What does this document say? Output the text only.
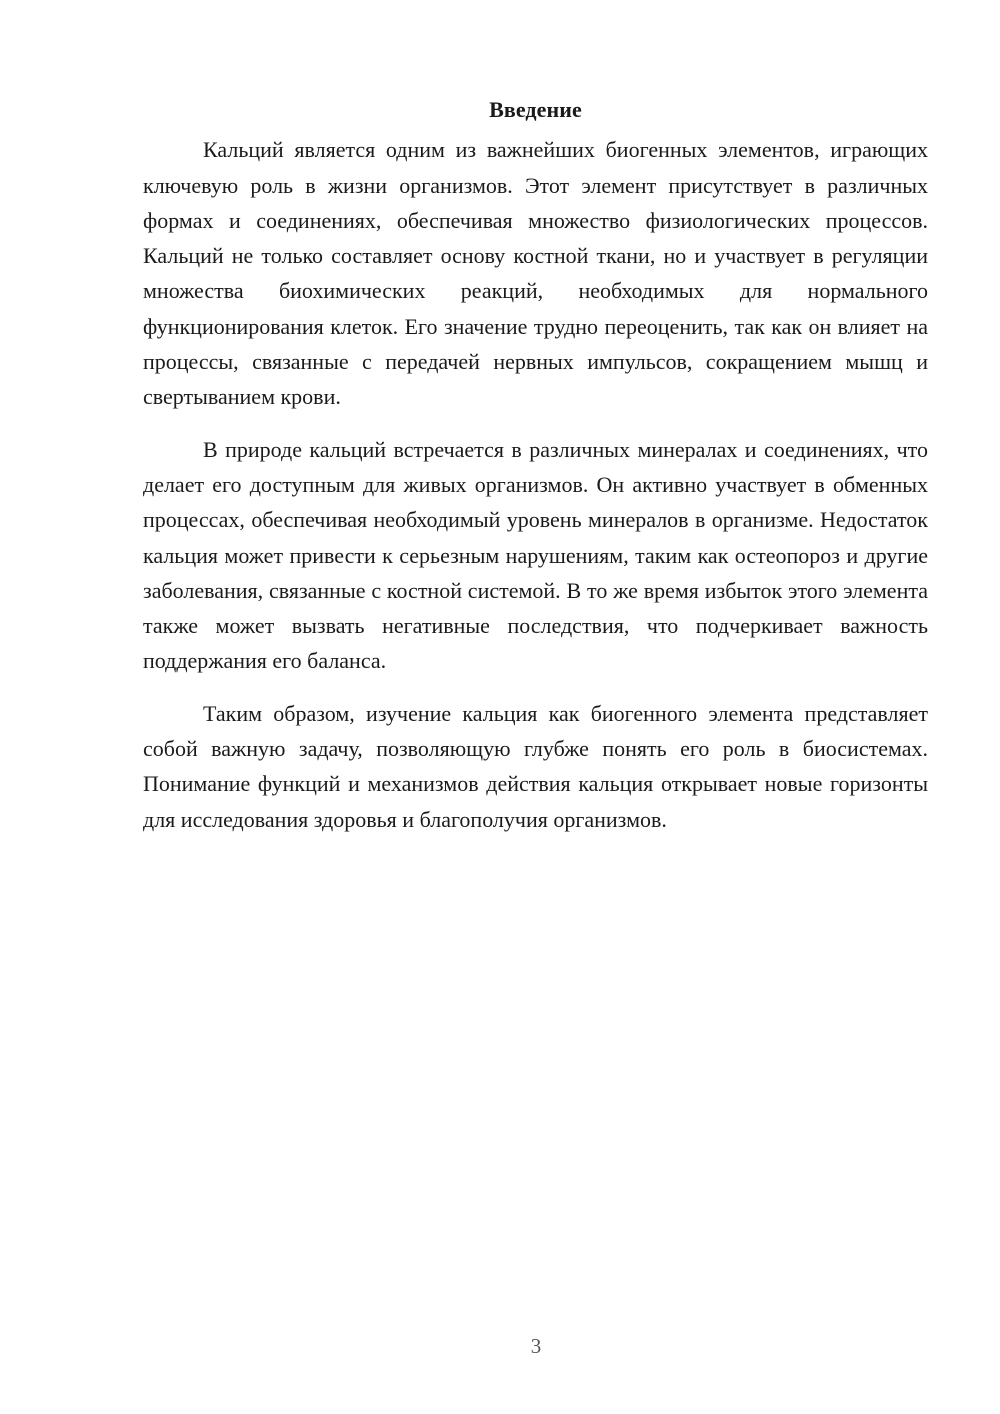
Введение

Кальций является одним из важнейших биогенных элементов, играющих ключевую роль в жизни организмов. Этот элемент присутствует в различных формах и соединениях, обеспечивая множество физиологических процессов. Кальций не только составляет основу костной ткани, но и участвует в регуляции множества биохимических реакций, необходимых для нормального функционирования клеток. Его значение трудно переоценить, так как он влияет на процессы, связанные с передачей нервных импульсов, сокращением мышц и свертыванием крови.

В природе кальций встречается в различных минералах и соединениях, что делает его доступным для живых организмов. Он активно участвует в обменных процессах, обеспечивая необходимый уровень минералов в организме. Недостаток кальция может привести к серьезным нарушениям, таким как остеопороз и другие заболевания, связанные с костной системой. В то же время избыток этого элемента также может вызвать негативные последствия, что подчеркивает важность поддержания его баланса.

Таким образом, изучение кальция как биогенного элемента представляет собой важную задачу, позволяющую глубже понять его роль в биосистемах. Понимание функций и механизмов действия кальция открывает новые горизонты для исследования здоровья и благополучия организмов.

3
